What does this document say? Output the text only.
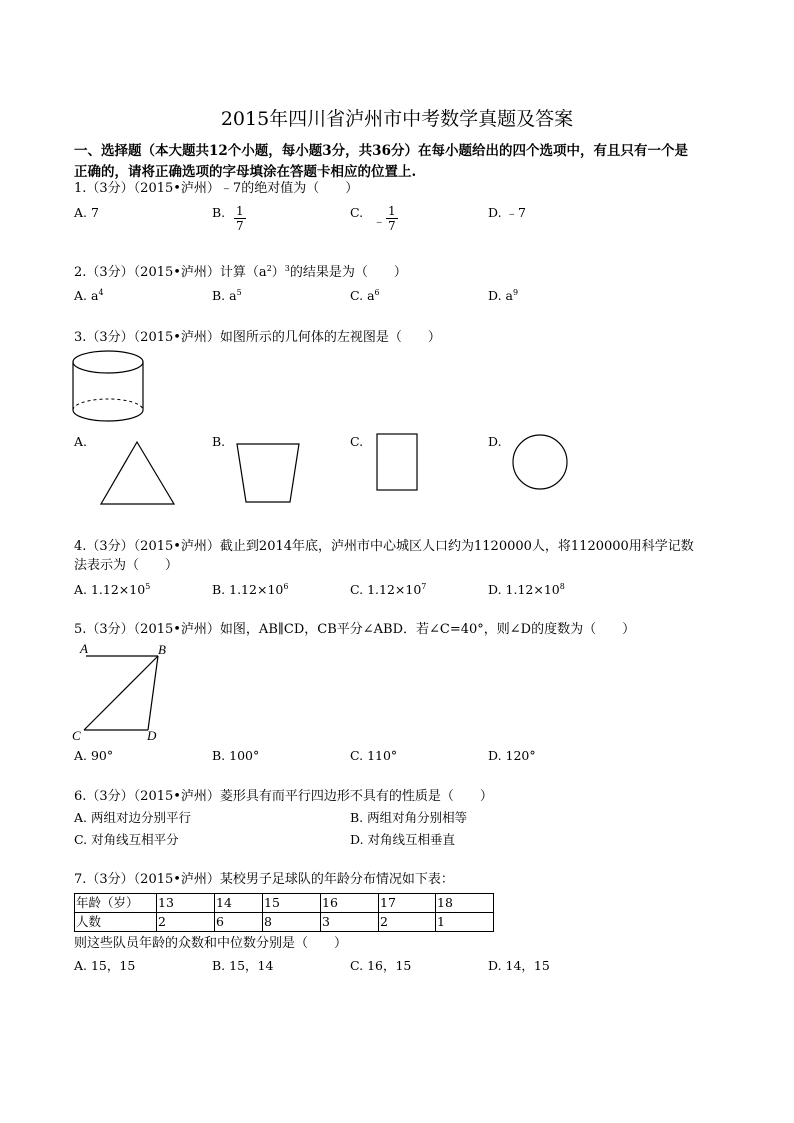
2015年四川省泸州市中考数学真题及答案
一、选择题（本大题共12个小题，每小题3分，共36分）在每小题给出的四个选项中，有且只有一个是
正确的，请将正确选项的字母填涂在答题卡相应的位置上.
1.（3分）（2015•泸州）﹣7的绝对值为（　　）
A. 7	B. $\frac{1}{7}$	C.
﹣ $\frac{1}{7}$	D. ﹣7
2.（3分）（2015•泸州）计算$(a^2)^3$的结果是为（　　）
A. $a^4$	B. $a^5$	C. $a^6$	D. $a^9$
3.（3分）（2015•泸州）如图所示的几何体的左视图是（　　）
A.	B.	C.	D.
4.（3分）（2015•泸州）截止到2014年底，泸州市中心城区人口约为1120000人，将1120000用科学记数
法表示为（　　）
A. $1.12\times 10^5$	B. $1.12\times 10^6$	C. $1.12\times 10^7$	D. $1.12\times 10^8$
5.（3分）（2015•泸州）如图，AB∥CD，CB平分∠ABD．若∠C=40°，则∠D的度数为（　　）
A	B
C	D
A. 90°	B. 100°	C. 110°	D. 120°
6.（3分）（2015•泸州）菱形具有而平行四边形不具有的性质是（　　）
A. 两组对边分别平行	B. 两组对角分别相等
C. 对角线互相平分	D. 对角线互相垂直
7.（3分）（2015•泸州）某校男子足球队的年龄分布情况如下表：
年龄（岁）	13	14	15	16	17	18
人数	2	6	8	3	2	1
则这些队员年龄的众数和中位数分别是（　　）
A. 15，15	B. 15，14	C. 16，15	D. 14，15
